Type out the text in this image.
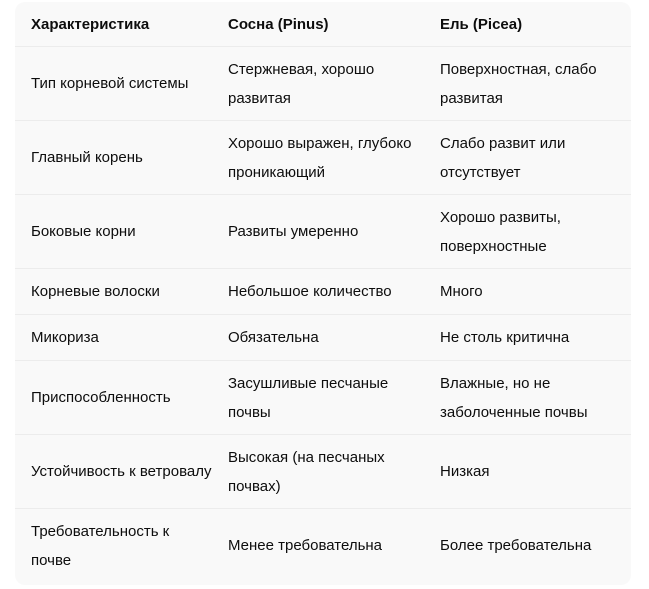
Характеристика	Сосна (Pinus)	Ель (Picea)
Тип корневой системы	Стержневая, хорошо развитая	Поверхностная, слабо развитая
Главный корень	Хорошо выражен, глубоко проникающий	Слабо развит или отсутствует
Боковые корни	Развиты умеренно	Хорошо развиты, поверхностные
Корневые волоски	Небольшое количество	Много
Микориза	Обязательна	Не столь критична
Приспособленность	Засушливые песчаные почвы	Влажные, но не заболоченные почвы
Устойчивость к ветровалу	Высокая (на песчаных почвах)	Низкая
Требовательность к почве	Менее требовательна	Более требовательна
